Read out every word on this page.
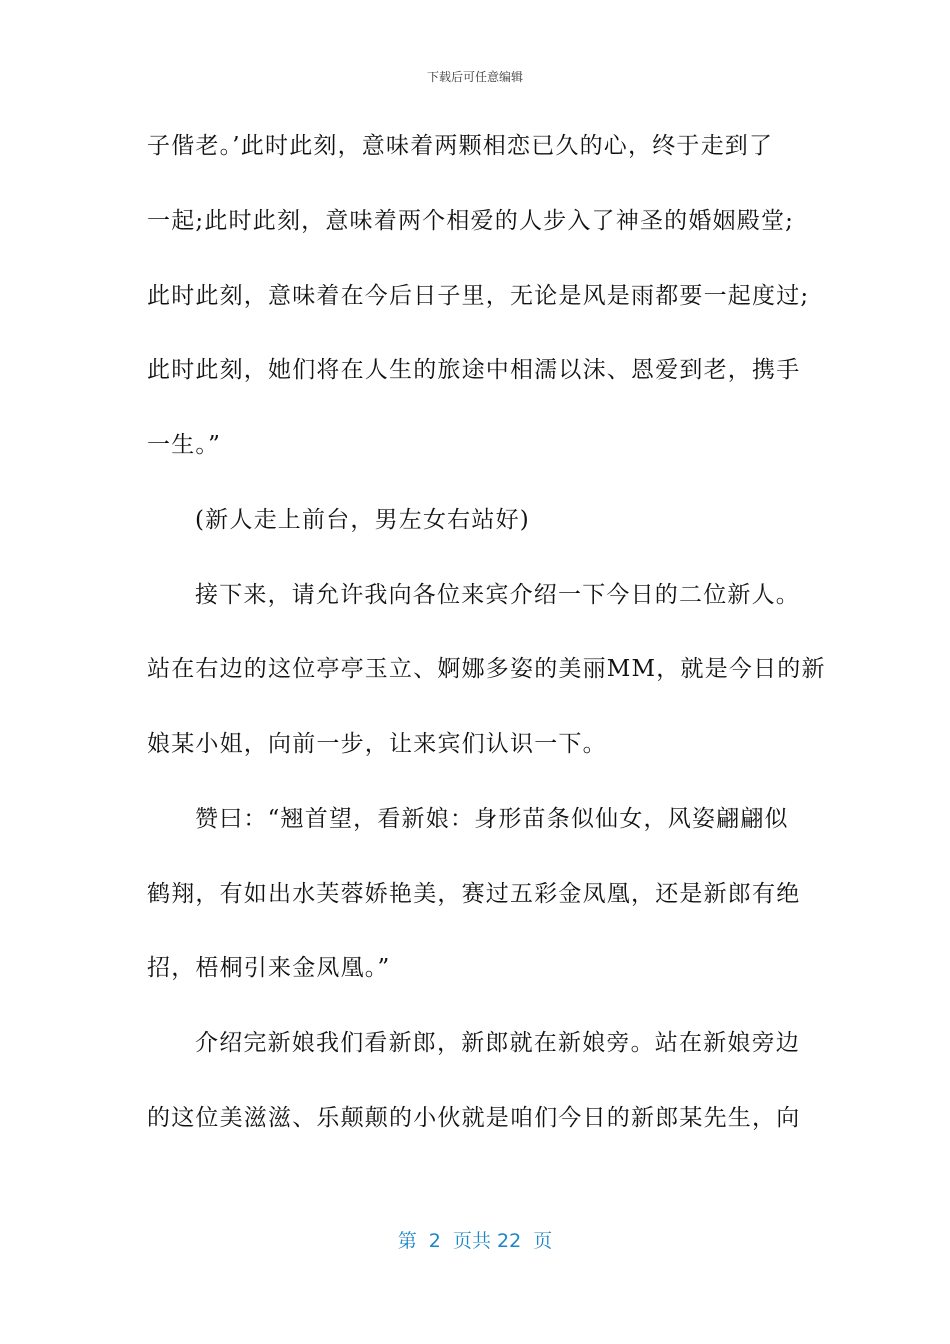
下载后可任意编辑
子偕老。’此时此刻，意味着两颗相恋已久的心，终于走到了
一起;此时此刻，意味着两个相爱的人步入了神圣的婚姻殿堂;
此时此刻，意味着在今后日子里，无论是风是雨都要一起度过;
此时此刻，她们将在人生的旅途中相濡以沫、恩爱到老，携手
一生。”
(新人走上前台，男左女右站好)
接下来，请允许我向各位来宾介绍一下今日的二位新人。
站在右边的这位亭亭玉立、婀娜多姿的美丽MM，就是今日的新
娘某小姐，向前一步，让来宾们认识一下。
赞曰：“翘首望，看新娘：身形苗条似仙女，风姿翩翩似
鹤翔，有如出水芙蓉娇艳美，赛过五彩金凤凰，还是新郎有绝
招，梧桐引来金凤凰。”
介绍完新娘我们看新郎，新郎就在新娘旁。站在新娘旁边
的这位美滋滋、乐颠颠的小伙就是咱们今日的新郎某先生，向
第  2  页共 22  页
